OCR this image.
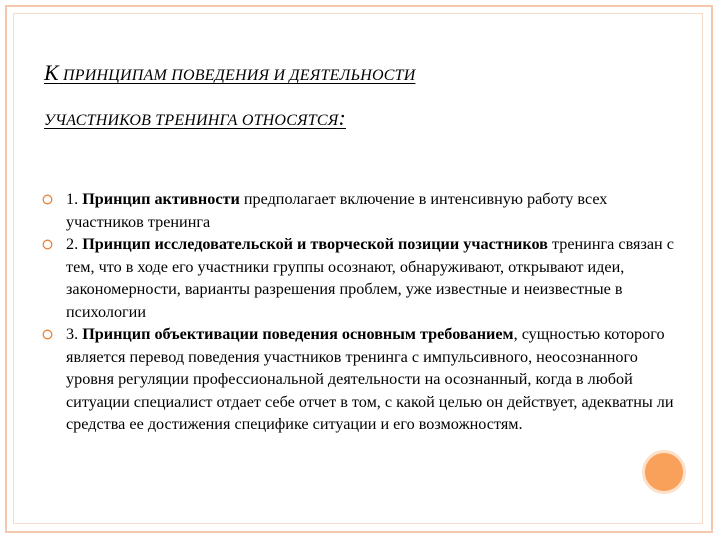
К ПРИНЦИПАМ ПОВЕДЕНИЯ И ДЕЯТЕЛЬНОСТИ
УЧАСТНИКОВ ТРЕНИНГА ОТНОСЯТСЯ:
1. Принцип активности предполагает включение в интенсивную работу всех участников тренинга
2. Принцип исследовательской и творческой позиции участников тренинга связан с тем, что в ходе его участники группы осознают, обнаруживают, открывают идеи, закономерности, варианты разрешения проблем, уже известные и неизвестные в психологии
3. Принцип объективации поведения основным требованием, сущностью которого является перевод поведения участников тренинга с импульсивного, неосознанного уровня регуляции профессиональной деятельности на осознанный, когда в любой ситуации специалист отдает себе отчет в том, с какой целью он действует, адекватны ли средства ее достижения специфике ситуации и его возможностям.
